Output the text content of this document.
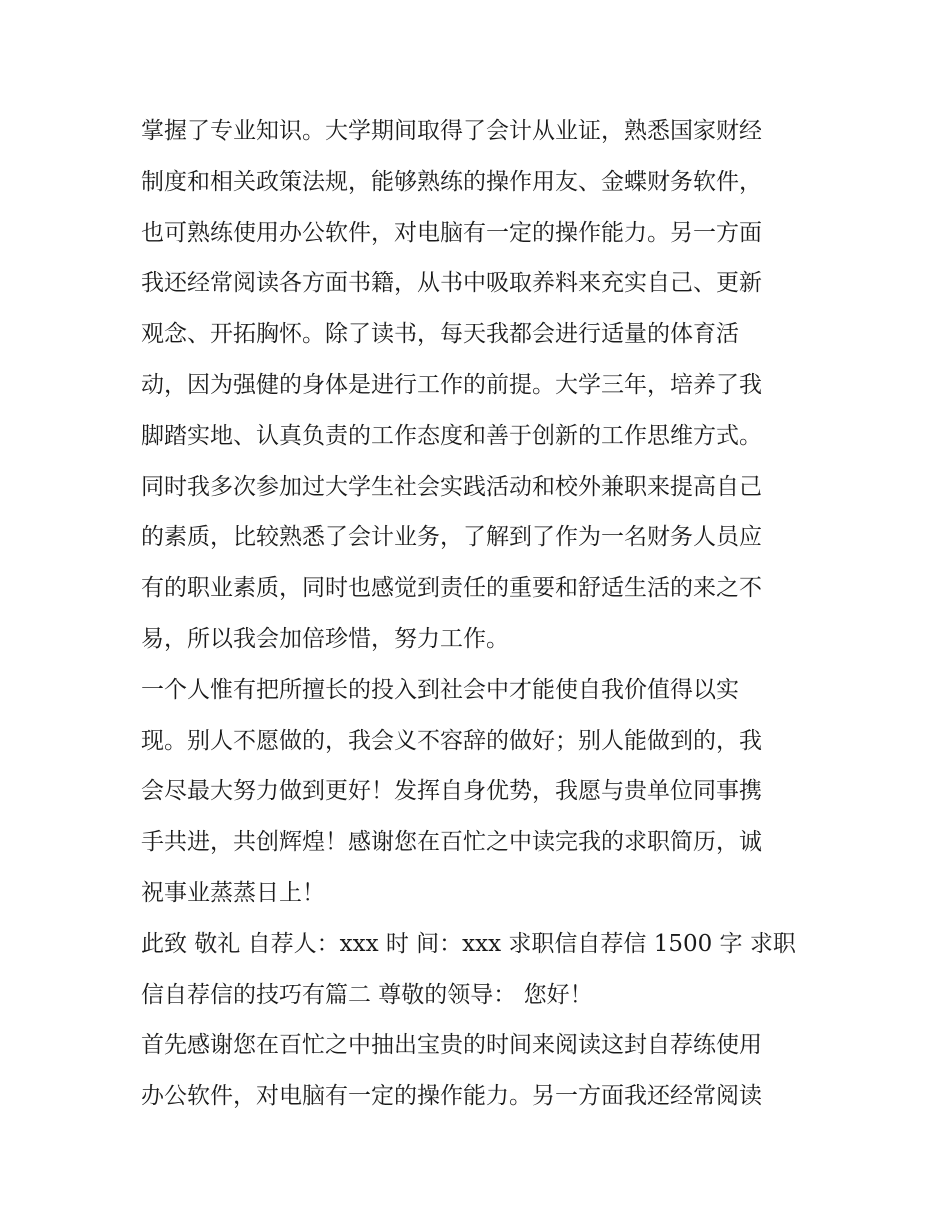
掌握了专业知识。大学期间取得了会计从业证，熟悉国家财经
制度和相关政策法规，能够熟练的操作用友、金蝶财务软件，
也可熟练使用办公软件，对电脑有一定的操作能力。另一方面
我还经常阅读各方面书籍，从书中吸取养料来充实自己、更新
观念、开拓胸怀。除了读书，每天我都会进行适量的体育活
动，因为强健的身体是进行工作的前提。大学三年，培养了我
脚踏实地、认真负责的工作态度和善于创新的工作思维方式。
同时我多次参加过大学生社会实践活动和校外兼职来提高自己
的素质，比较熟悉了会计业务，了解到了作为一名财务人员应
有的职业素质，同时也感觉到责任的重要和舒适生活的来之不
易，所以我会加倍珍惜，努力工作。
一个人惟有把所擅长的投入到社会中才能使自我价值得以实
现。别人不愿做的，我会义不容辞的做好；别人能做到的，我
会尽最大努力做到更好！发挥自身优势，我愿与贵单位同事携
手共进，共创辉煌！感谢您在百忙之中读完我的求职简历，诚
祝事业蒸蒸日上！
此致 敬礼 自荐人：xxx 时 间：xxx 求职信自荐信 1500 字 求职
信自荐信的技巧有篇二 尊敬的领导： 您好！
首先感谢您在百忙之中抽出宝贵的时间来阅读这封自荐练使用
办公软件，对电脑有一定的操作能力。另一方面我还经常阅读
